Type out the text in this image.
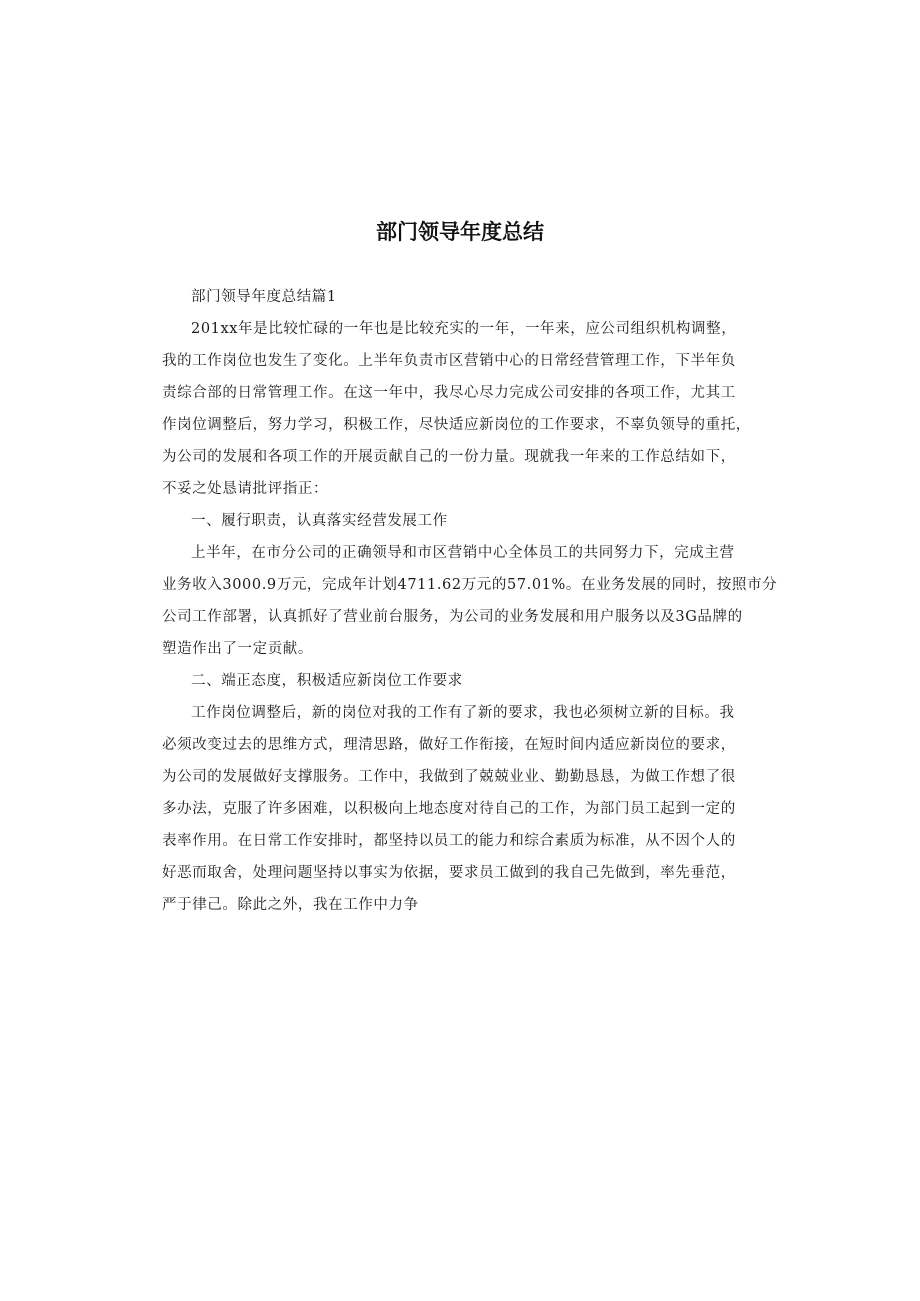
部门领导年度总结

部门领导年度总结篇1

201xx年是比较忙碌的一年也是比较充实的一年，一年来，应公司组织机构调整，
我的工作岗位也发生了变化。上半年负责市区营销中心的日常经营管理工作，下半年负
责综合部的日常管理工作。在这一年中，我尽心尽力完成公司安排的各项工作，尤其工
作岗位调整后，努力学习，积极工作，尽快适应新岗位的工作要求，不辜负领导的重托，
为公司的发展和各项工作的开展贡献自己的一份力量。现就我一年来的工作总结如下，
不妥之处恳请批评指正：

一、履行职责，认真落实经营发展工作

上半年，在市分公司的正确领导和市区营销中心全体员工的共同努力下，完成主营
业务收入3000.9万元，完成年计划4711.62万元的57.01%。在业务发展的同时，按照市分
公司工作部署，认真抓好了营业前台服务，为公司的业务发展和用户服务以及3G品牌的
塑造作出了一定贡献。

二、端正态度，积极适应新岗位工作要求

工作岗位调整后，新的岗位对我的工作有了新的要求，我也必须树立新的目标。我
必须改变过去的思维方式，理清思路，做好工作衔接，在短时间内适应新岗位的要求，
为公司的发展做好支撑服务。工作中，我做到了兢兢业业、勤勤恳恳，为做工作想了很
多办法，克服了许多困难，以积极向上地态度对待自己的工作，为部门员工起到一定的
表率作用。在日常工作安排时，都坚持以员工的能力和综合素质为标准，从不因个人的
好恶而取舍，处理问题坚持以事实为依据，要求员工做到的我自己先做到，率先垂范，
严于律己。除此之外，我在工作中力争
